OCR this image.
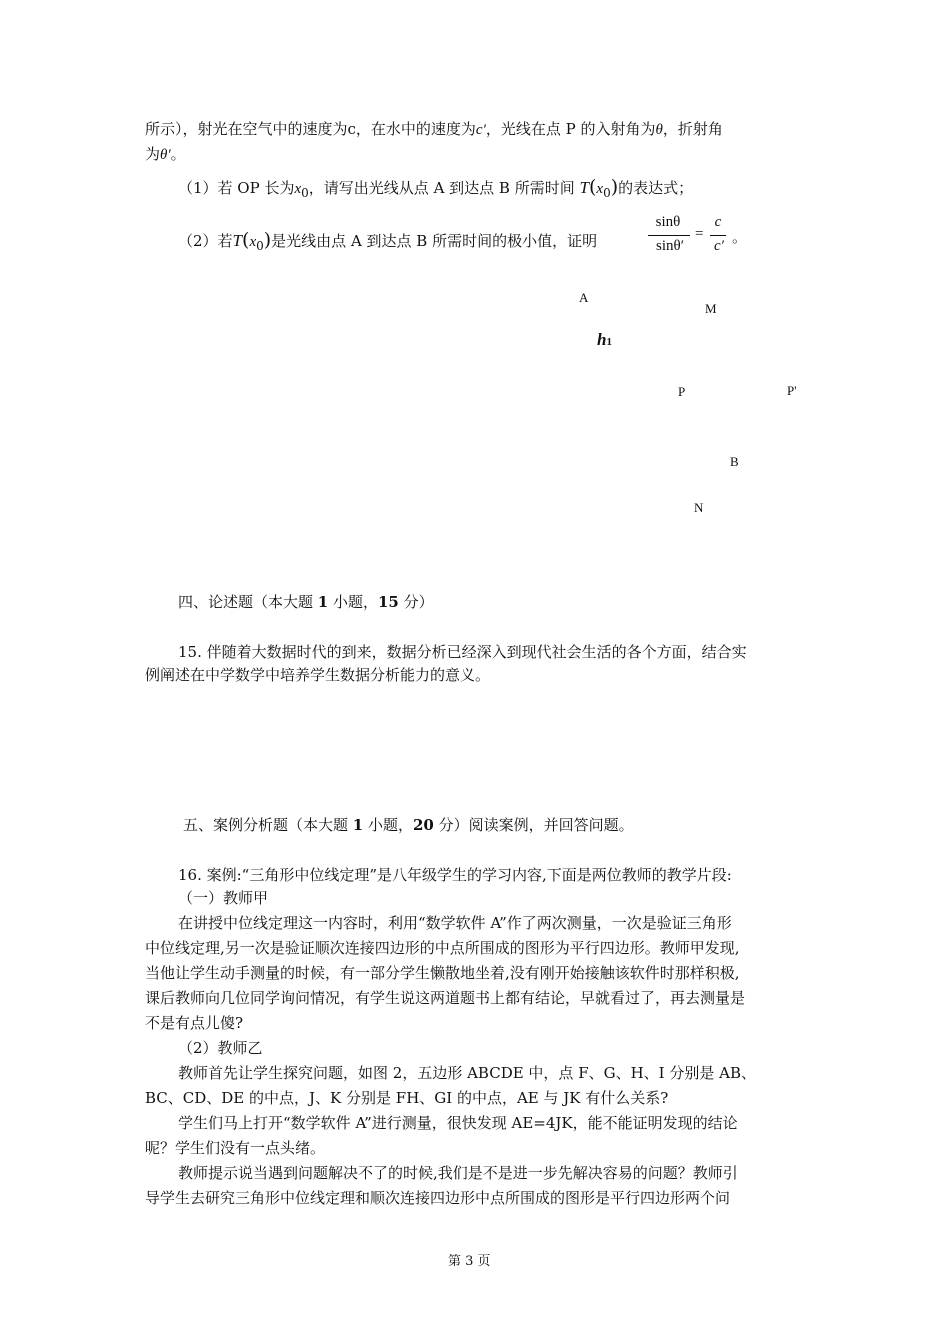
所示），射光在空气中的速度为c，在水中的速度为c′，光线在点 P 的入射角为θ，折射角
为θ′。
（1）若 OP 长为$x_0$，请写出光线从点 A 到达点 B 所需时间 $T(x_0)$的表达式；
（2）若$T(x_0)$是光线由点 A 到达点 B 所需时间的极小值，证明
sinθ
sinθ′
=
c
c′ 。
A
M
h1
P	P'
B
N
四、论述题（本大题 1 小题，15 分）
15. 伴随着大数据时代的到来，数据分析已经深入到现代社会生活的各个方面，结合实
例阐述在中学数学中培养学生数据分析能力的意义。
五、案例分析题（本大题 1 小题，20 分）阅读案例，并回答问题。
16. 案例:“三角形中位线定理”是八年级学生的学习内容,下面是两位教师的教学片段:
（一）教师甲
在讲授中位线定理这一内容时，利用“数学软件 A”作了两次测量，一次是验证三角形
中位线定理,另一次是验证顺次连接四边形的中点所围成的图形为平行四边形。教师甲发现,
当他让学生动手测量的时候，有一部分学生懒散地坐着,没有刚开始接触该软件时那样积极,
课后教师向几位同学询问情况，有学生说这两道题书上都有结论，早就看过了，再去测量是
不是有点儿傻?
（2）教师乙
教师首先让学生探究问题，如图 2，五边形 ABCDE 中，点 F、G、H、I 分别是 AB、
BC、CD、DE 的中点，J、K 分别是 FH、GI 的中点，AE 与 JK 有什么关系?
学生们马上打开“数学软件 A”进行测量，很快发现 AE=4JK，能不能证明发现的结论
呢？学生们没有一点头绪。
教师提示说当遇到问题解决不了的时候,我们是不是进一步先解决容易的问题？教师引
导学生去研究三角形中位线定理和顺次连接四边形中点所围成的图形是平行四边形两个问
第 3 页
